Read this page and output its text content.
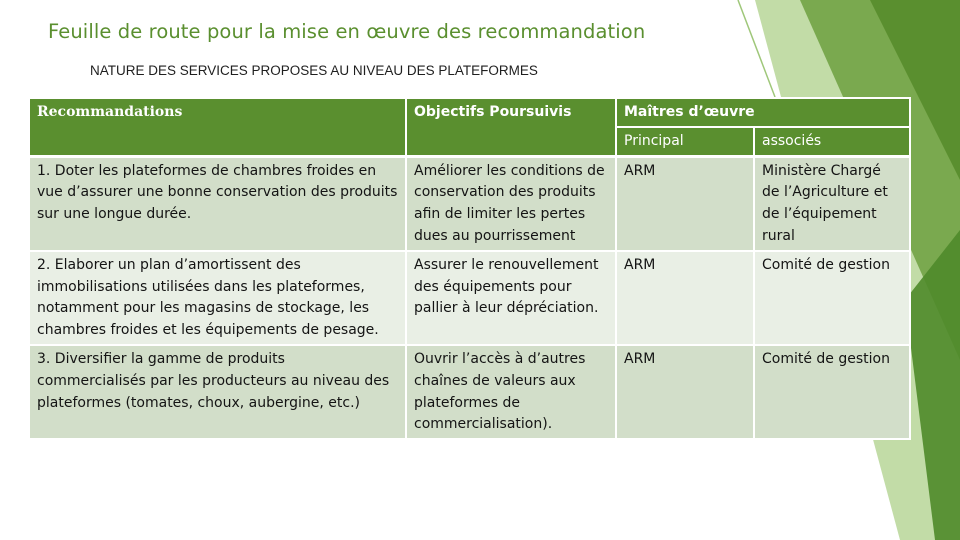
Feuille de route pour la mise en œuvre des recommandation
NATURE DES SERVICES PROPOSES AU NIVEAU DES PLATEFORMES
Recommandations	Objectifs Poursuivis	Maîtres d’œuvre	
		Principal	associés
1. Doter les plateformes de chambres froides en vue d’assurer une bonne conservation des produits sur une longue durée.	Améliorer les conditions de conservation des produits afin de limiter les pertes dues au pourrissement	ARM	Ministère Chargé de l’Agriculture et de l’équipement rural
2. Elaborer un plan d’amortissent des immobilisations utilisées dans les plateformes, notamment pour les magasins de stockage, les chambres froides et les équipements de pesage.	Assurer le renouvellement des équipements pour pallier à leur dépréciation.	ARM	Comité de gestion
3. Diversifier la gamme de produits commercialisés par les producteurs au niveau des plateformes (tomates, choux, aubergine, etc.)	Ouvrir l’accès à d’autres chaînes de valeurs aux plateformes de commercialisation).	ARM	Comité de gestion
